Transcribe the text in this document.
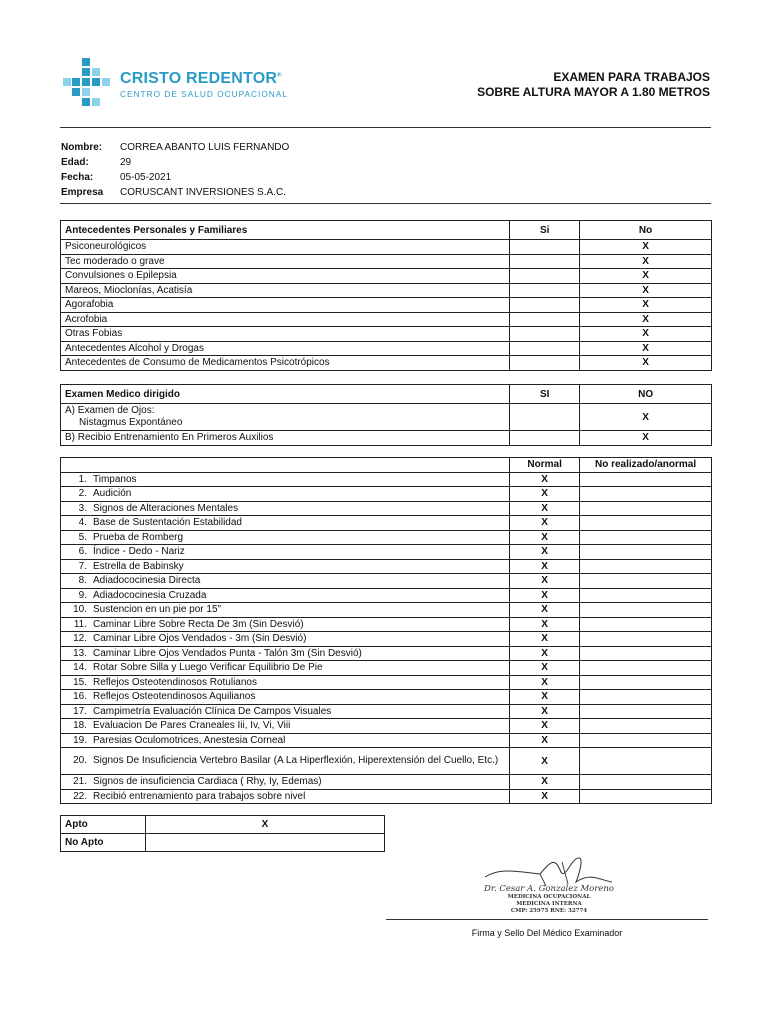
CRISTO REDENTOR®
CENTRO DE SALUD OCUPACIONAL
EXAMEN PARA TRABAJOS
SOBRE ALTURA MAYOR A 1.80 METROS
Nombre:	CORREA ABANTO LUIS FERNANDO
Edad:	29
Fecha:	05-05-2021
Empresa	CORUSCANT INVERSIONES S.A.C.
Antecedentes Personales y Familiares	Si	No
Psiconeurológicos		X
Tec moderado o grave		X
Convulsiones o Epilepsia		X
Mareos, Mioclonías, Acatisía		X
Agorafobia		X
Acrofobia		X
Otras Fobias		X
Antecedentes Alcohol y Drogas		X
Antecedentes de Consumo de Medicamentos Psicotrópicos		X
Examen Medico dirigido	SI	NO

A) Examen de Ojos:
Nistagmus Expontáneo		X
B) Recibio Entrenamiento En Primeros Auxilios		X
	Normal	No realizado/anormal
1. Timpanos	X	
2. Audición	X	
3. Signos de Alteraciones Mentales	X	
4. Base de Sustentación Estabilidad	X	
5. Prueba de Romberg	X	
6. Índice - Dedo - Nariz	X	
7. Estrella de Babinsky	X	
8. Adiadococinesia Directa	X	
9. Adiadococinesia Cruzada	X	
10. Sustencion en un pie por 15"	X	
11. Caminar Libre Sobre Recta De 3m (Sin Desvió)	X	
12. Caminar Libre Ojos Vendados - 3m (Sin Desvió)	X	
13. Caminar Libre Ojos Vendados Punta - Talón 3m (Sin Desvió)	X	
14. Rotar Sobre Silla y Luego Verificar Equilibrio De Pie	X	
15. Reflejos Osteotendinosos Rotulianos	X	
16. Reflejos Osteotendinosos Aquilianos	X	
17. Campimetría Evaluación Clínica De Campos Visuales	X	
18. Evaluacion De Pares Craneales Iii, Iv, Vi, Viii	X	
19. Paresias Oculomotrices, Anestesia Corneal	X	

20. Signos De Insuficiencia Vertebro Basilar (A La Hiperflexión, Hiperextensión del Cuello, Etc.)	X	
21. Signos de insuficiencia Cardiaca ( Rhy, Iy, Edemas)	X	
22. Recibió entrenamiento para trabajos sobre nivel	X	
Apto	X
No Apto	
Dr. Cesar A. Gonzalez Moreno
MEDICINA OCUPACIONAL
MEDICINA INTERNA
CMP: 25975 RNE: 32774
Firma y Sello Del Médico Examinador
